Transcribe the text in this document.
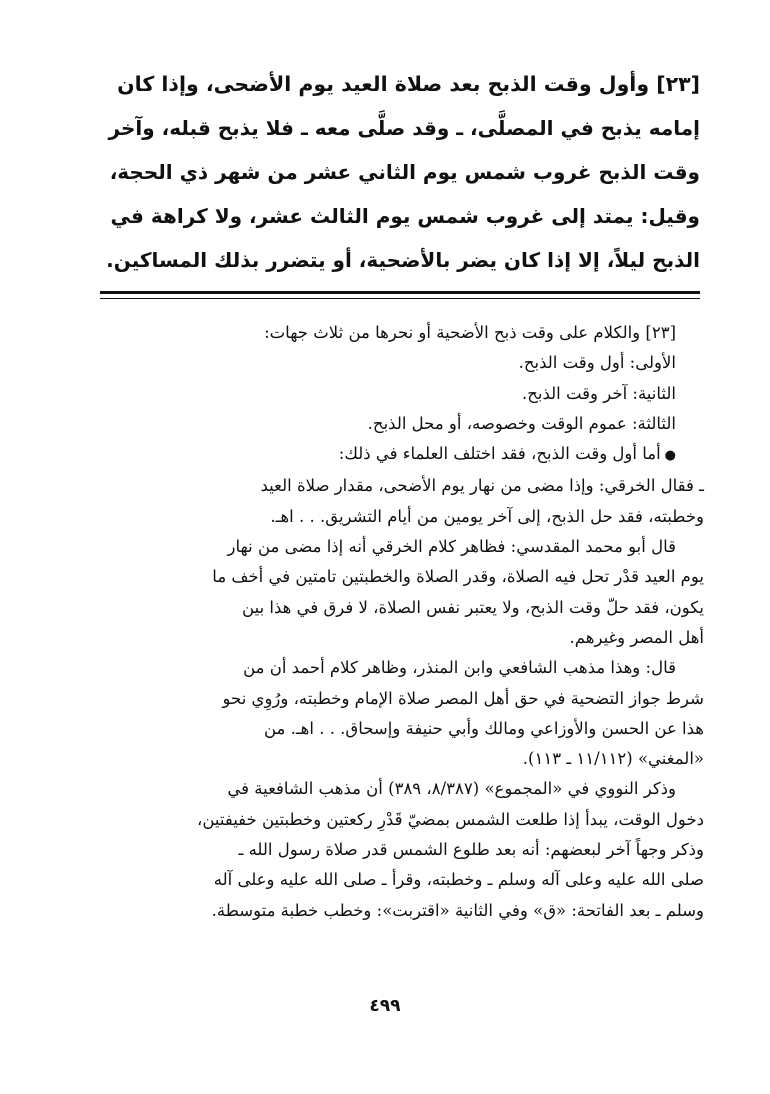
[٢٣] وأول وقت الذبح بعد صلاة العيد يوم الأضحى، وإذا كان
إمامه يذبح في المصلَّى، ـ وقد صلَّى معه ـ فلا يذبح قبله، وآخر
وقت الذبح غروب شمس يوم الثاني عشر من شهر ذي الحجة،
وقيل: يمتد إلى غروب شمس يوم الثالث عشر، ولا كراهة في
الذبح ليلاً، إلا إذا كان يضر بالأضحية، أو يتضرر بذلك المساكين.
[٢٣] والكلام على وقت ذبح الأضحية أو نحرها من ثلاث جهات:
الأولى: أول وقت الذبح.
الثانية: آخر وقت الذبح.
الثالثة: عموم الوقت وخصوصه، أو محل الذبح.
●أما أول وقت الذبح، فقد اختلف العلماء في ذلك:
ـ فقال الخرقي: وإذا مضى من نهار يوم الأضحى، مقدار صلاة العيد
وخطبته، فقد حل الذبح، إلى آخر يومين من أيام التشريق. . . اهـ.
قال أبو محمد المقدسي: فظاهر كلام الخرقي أنه إذا مضى من نهار
يوم العيد قدْر تحل فيه الصلاة، وقدر الصلاة والخطبتين تامتين في أخف ما
يكون، فقد حلّ وقت الذبح، ولا يعتبر نفس الصلاة، لا فرق في هذا بين
أهل المصر وغيرهم.
قال: وهذا مذهب الشافعي وابن المنذر، وظاهر كلام أحمد أن من
شرط جواز التضحية في حق أهل المصر صلاة الإمام وخطبته، ورُوِي نحو
هذا عن الحسن والأوزاعي ومالك وأبي حنيفة وإسحاق. . . اهـ. من
«المغني» (١١/١١٢ ـ ١١٣).
وذكر النووي في «المجموع» (٨/٣٨٧، ٣٨٩) أن مذهب الشافعية في
دخول الوقت، يبدأ إذا طلعت الشمس بمضيّ قَدْرِ ركعتين وخطبتين خفيفتين،
وذكر وجهاً آخر لبعضهم: أنه بعد طلوع الشمس قدر صلاة رسول الله ـ
صلى الله عليه وعلى آله وسلم ـ وخطبته، وقرأ ـ صلى الله عليه وعلى آله
وسلم ـ بعد الفاتحة: «ق» وفي الثانية «اقتربت»: وخطب خطبة متوسطة.
٤٩٩
